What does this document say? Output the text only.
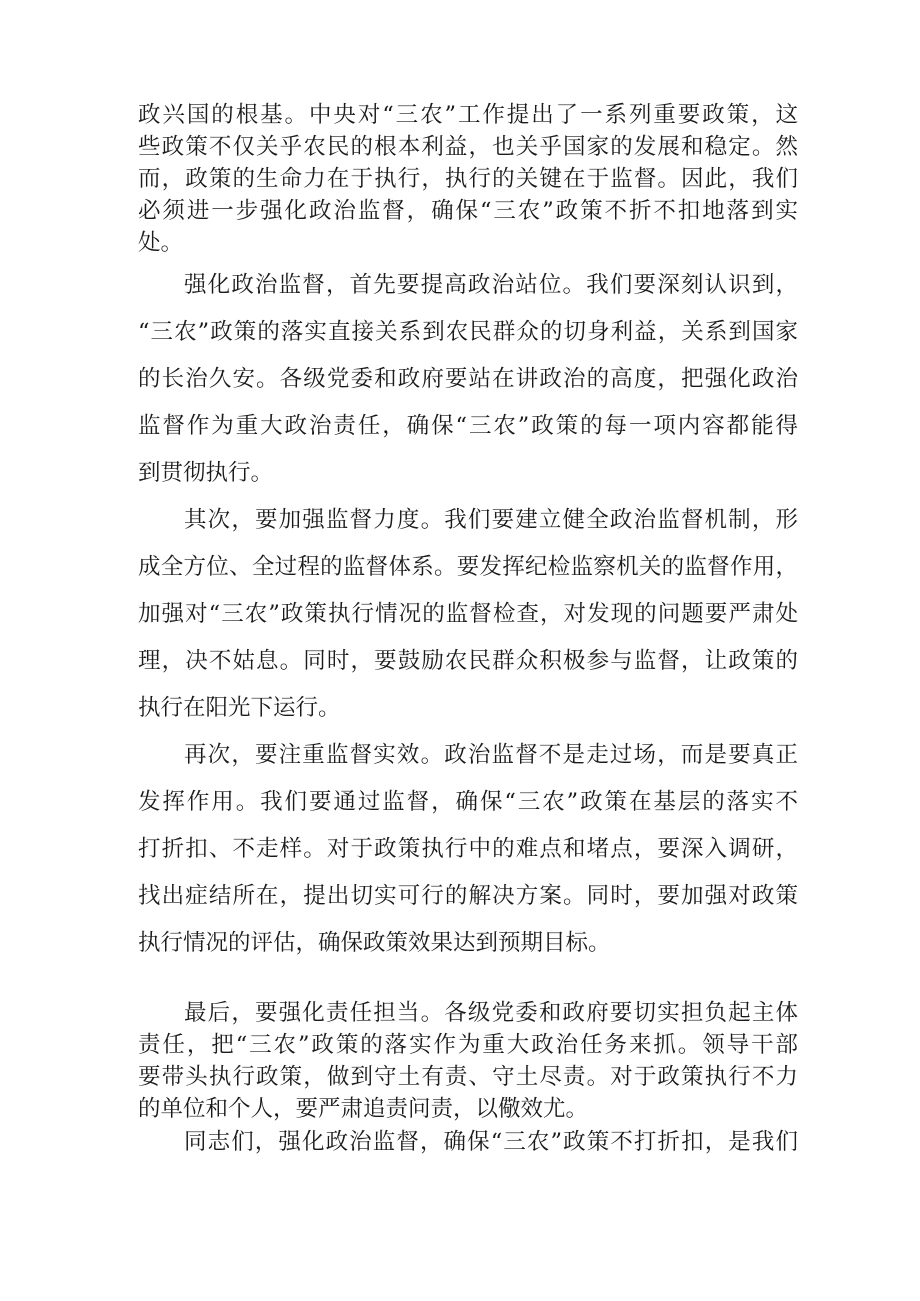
政兴国的根基。中央对“三农”工作提出了一系列重要政策，这
些政策不仅关乎农民的根本利益，也关乎国家的发展和稳定。然
而，政策的生命力在于执行，执行的关键在于监督。因此，我们
必须进一步强化政治监督，确保“三农”政策不折不扣地落到实
处。
强化政治监督，首先要提高政治站位。我们要深刻认识到，
“三农”政策的落实直接关系到农民群众的切身利益，关系到国家
的长治久安。各级党委和政府要站在讲政治的高度，把强化政治
监督作为重大政治责任，确保“三农”政策的每一项内容都能得
到贯彻执行。
其次，要加强监督力度。我们要建立健全政治监督机制，形
成全方位、全过程的监督体系。要发挥纪检监察机关的监督作用，
加强对“三农”政策执行情况的监督检查，对发现的问题要严肃处
理，决不姑息。同时，要鼓励农民群众积极参与监督，让政策的
执行在阳光下运行。
再次，要注重监督实效。政治监督不是走过场，而是要真正
发挥作用。我们要通过监督，确保“三农”政策在基层的落实不
打折扣、不走样。对于政策执行中的难点和堵点，要深入调研，
找出症结所在，提出切实可行的解决方案。同时，要加强对政策
执行情况的评估，确保政策效果达到预期目标。
最后，要强化责任担当。各级党委和政府要切实担负起主体
责任，把“三农”政策的落实作为重大政治任务来抓。领导干部
要带头执行政策，做到守土有责、守土尽责。对于政策执行不力
的单位和个人，要严肃追责问责，以儆效尤。
同志们，强化政治监督，确保“三农”政策不打折扣，是我们
